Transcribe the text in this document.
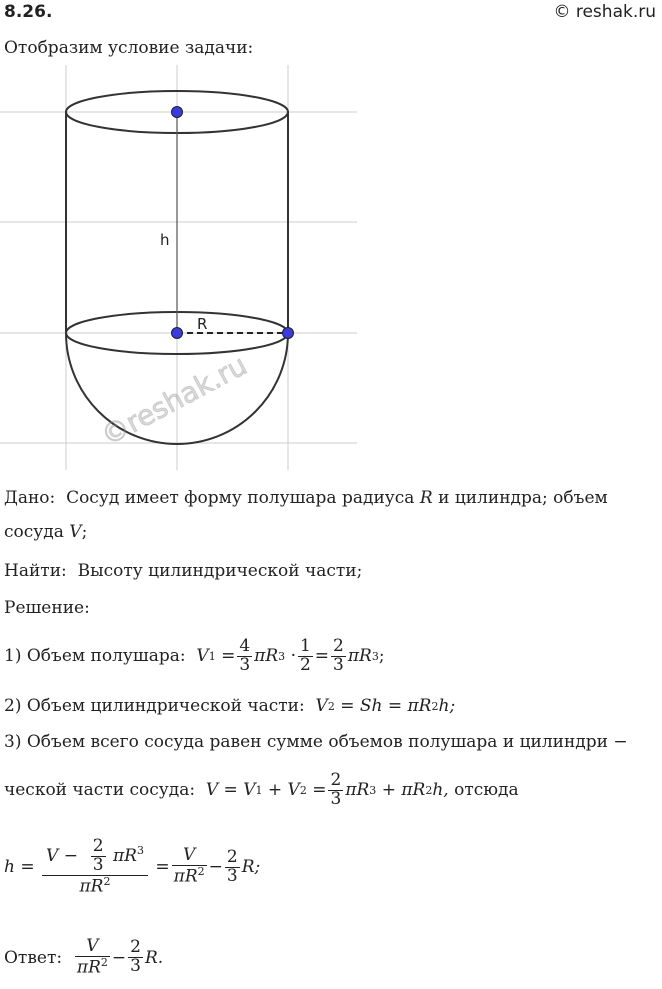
8.26.	© reshak.ru
Отобразим условие задачи:
h
R
©reshak.ru
Дано: Сосуд имеет форму полушара радиуса R и цилиндра; объем
сосуда V;
Найти: Высоту цилиндрической части;
Решение:
1) Объем полушара:
V 1
= $\frac{4}{3}$ πR 3
· $\frac{1}{2} = \frac{2}{3}$ πR 3 ;
2) Объем цилиндрической части:
V 2
= Sh = πR 2 h;
3) Объем всего сосуда равен сумме объемов полушара и цилиндри −
ческой части сосуда:
V = V 1
+ V 2
= $\frac{2}{3}$ πR 3
+ πR 2 h,
отсюда
h =
$\frac{V - \frac{2}{3} \pi R^3}{\pi R^2}$
= $\frac{V}{\pi R^2} - \frac{2}{3} R$;
Ответ:
$\frac{V}{\pi R^2} - \frac{2}{3} R$.
